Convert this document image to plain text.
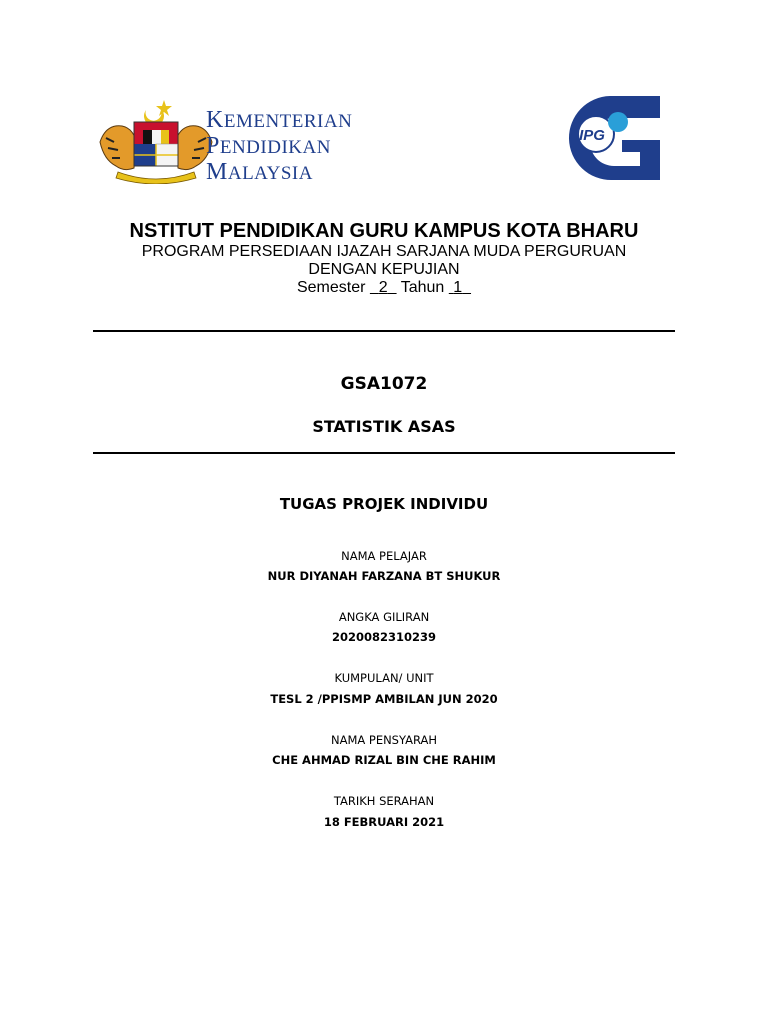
KEMENTERIAN
PENDIDIKAN
MALAYSIA
IPG
NSTITUT PENDIDIKAN GURU KAMPUS KOTA BHARU
PROGRAM PERSEDIAAN IJAZAH SARJANA MUDA PERGURUAN
DENGAN KEPUJIAN
Semester 2 Tahun 1
GSA1072
STATISTIK ASAS
TUGAS PROJEK INDIVIDU
NAMA PELAJAR
NUR DIYANAH FARZANA BT SHUKUR
ANGKA GILIRAN
2020082310239
KUMPULAN/ UNIT
TESL 2 /PPISMP AMBILAN JUN 2020
NAMA PENSYARAH
CHE AHMAD RIZAL BIN CHE RAHIM
TARIKH SERAHAN
18 FEBRUARI 2021
